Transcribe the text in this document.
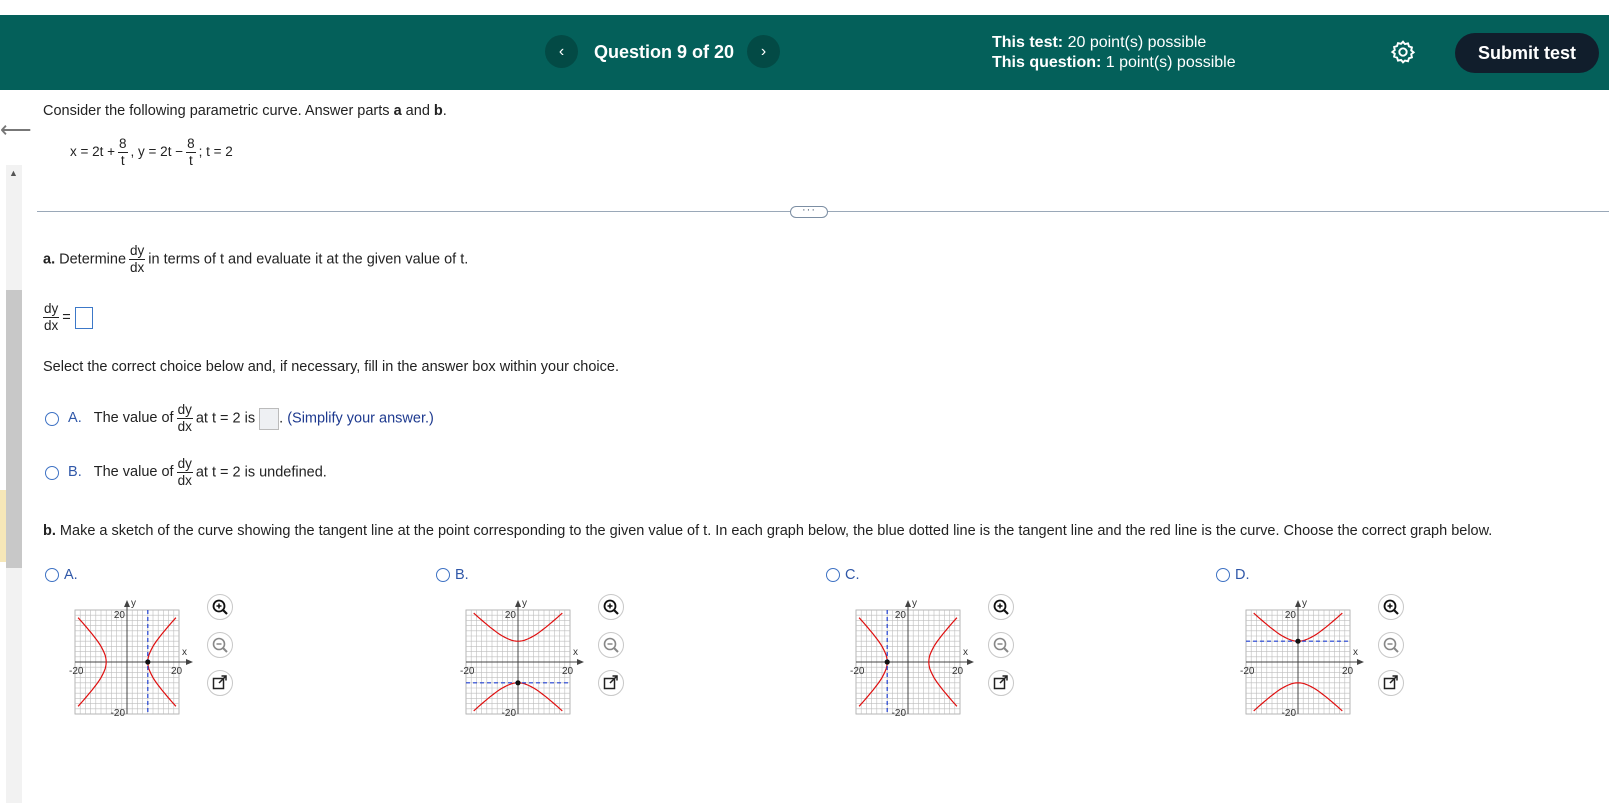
‹ Question 9 of 20 ›	This test: 20 point(s) possible
This question: 1 point(s) possible	Submit test
⟵
▲
Consider the following parametric curve. Answer parts a and b.
$x = 2t + \frac{8}{t}$ , $y = 2t - \frac{8}{t}$ ; t = 2
···
a. Determine $\frac{dy}{dx}$ in terms of t and evaluate it at the given value of t.
$\frac{dy}{dx}$ =
Select the correct choice below and, if necessary, fill in the answer box within your choice.
A. The value of $\frac{dy}{dx}$ at t = 2 is . (Simplify your answer.)
B. The value of $\frac{dy}{dx}$ at t = 2 is undefined.
b. Make a sketch of the curve showing the tangent line at the point corresponding to the given value of t. In each graph below, the blue dotted line is the tangent line and the red line is the curve. Choose the correct graph below.
A.
y
x
20
-20
-20	20
B.
y
x
20
-20
-20	20
C.
y
x
20
-20
-20	20
D.
y
x
20
-20
-20	20
